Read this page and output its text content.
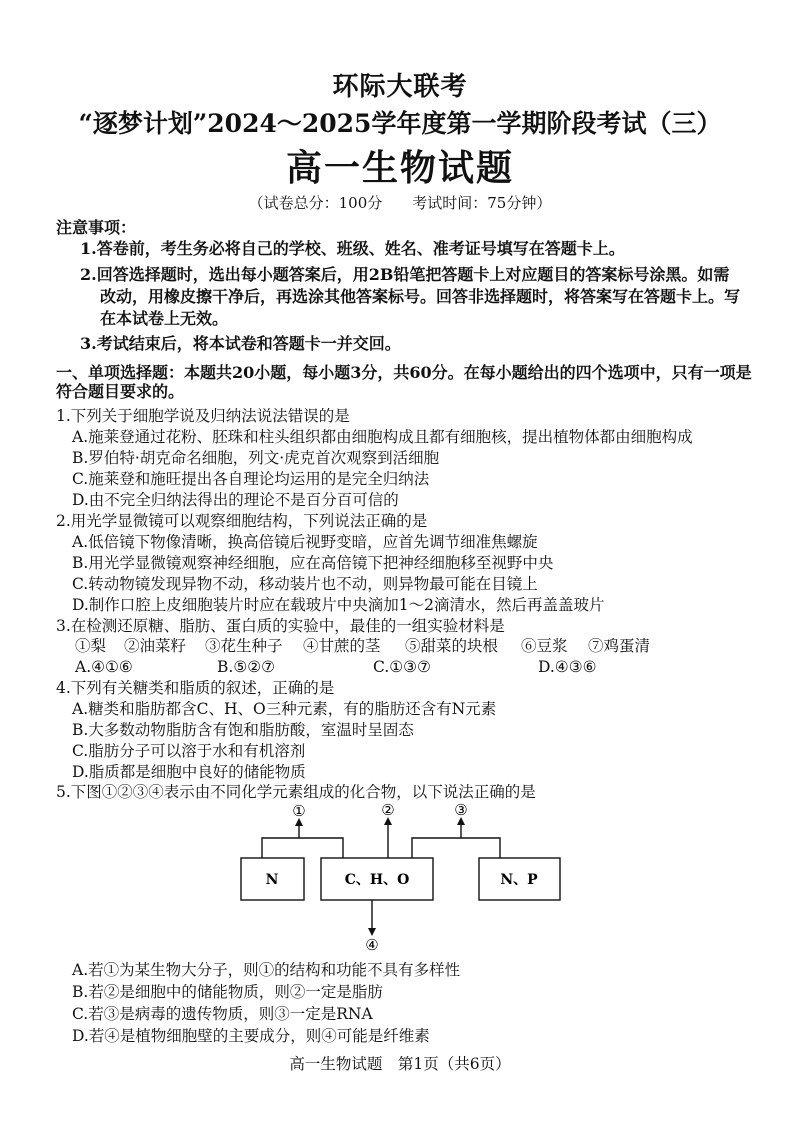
环际大联考
“逐梦计划”2024～2025学年度第一学期阶段考试（三）
高一生物试题
（试卷总分：100分　　考试时间：75分钟）
注意事项：
1.答卷前，考生务必将自己的学校、班级、姓名、准考证号填写在答题卡上。
2.回答选择题时，选出每小题答案后，用2B铅笔把答题卡上对应题目的答案标号涂黑。如需
改动，用橡皮擦干净后，再选涂其他答案标号。回答非选择题时，将答案写在答题卡上。写
在本试卷上无效。
3.考试结束后，将本试卷和答题卡一并交回。
一、单项选择题：本题共20小题，每小题3分，共60分。在每小题给出的四个选项中，只有一项是
符合题目要求的。
1.下列关于细胞学说及归纳法说法错误的是
A.施莱登通过花粉、胚珠和柱头组织都由细胞构成且都有细胞核，提出植物体都由细胞构成
B.罗伯特·胡克命名细胞，列文·虎克首次观察到活细胞
C.施莱登和施旺提出各自理论均运用的是完全归纳法
D.由不完全归纳法得出的理论不是百分百可信的
2.用光学显微镜可以观察细胞结构，下列说法正确的是
A.低倍镜下物像清晰，换高倍镜后视野变暗，应首先调节细准焦螺旋
B.用光学显微镜观察神经细胞，应在高倍镜下把神经细胞移至视野中央
C.转动物镜发现异物不动，移动装片也不动，则异物最可能在目镜上
D.制作口腔上皮细胞装片时应在载玻片中央滴加1～2滴清水，然后再盖盖玻片
3.在检测还原糖、脂肪、蛋白质的实验中，最佳的一组实验材料是
①梨 ②油菜籽 ③花生种子 ④甘蔗的茎 ⑤甜菜的块根 ⑥豆浆 ⑦鸡蛋清
A.④①⑥	B.⑤②⑦	C.①③⑦	D.④③⑥
4.下列有关糖类和脂质的叙述，正确的是
A.糖类和脂肪都含C、H、O三种元素，有的脂肪还含有N元素
B.大多数动物脂肪含有饱和脂肪酸，室温时呈固态
C.脂肪分子可以溶于水和有机溶剂
D.脂质都是细胞中良好的储能物质
5.下图①②③④表示由不同化学元素组成的化合物，以下说法正确的是
N	C、H、O	N、P
①	②	③
④
A.若①为某生物大分子，则①的结构和功能不具有多样性
B.若②是细胞中的储能物质，则②一定是脂肪
C.若③是病毒的遗传物质，则③一定是RNA
D.若④是植物细胞壁的主要成分，则④可能是纤维素
高一生物试题　第1页（共6页）
